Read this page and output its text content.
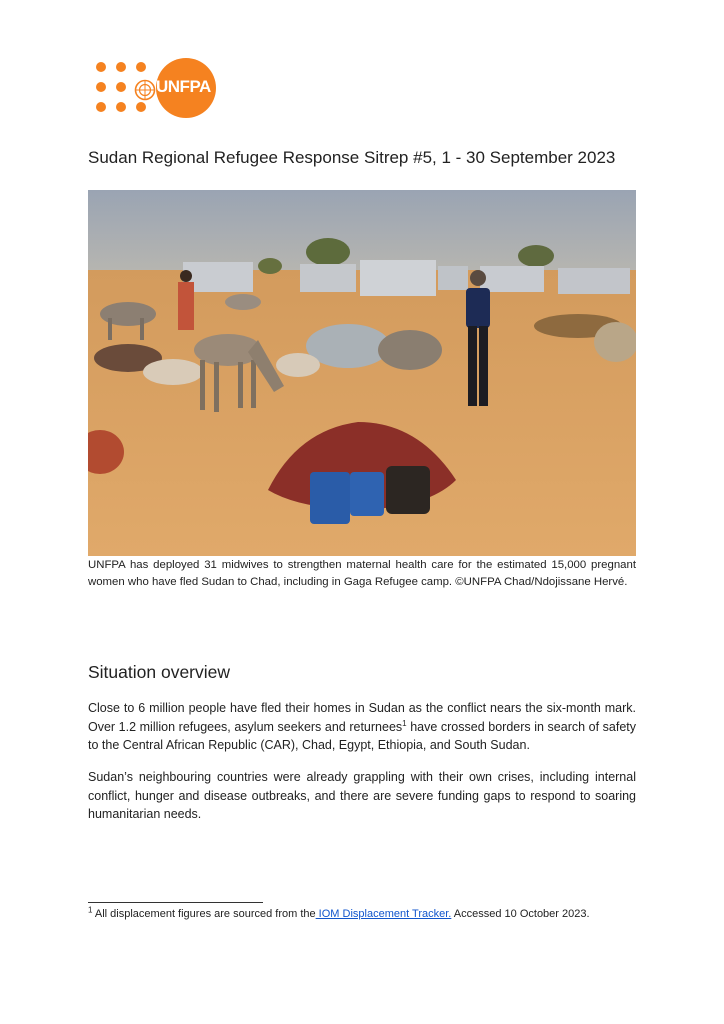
UNFPA
Sudan Regional Refugee Response Sitrep #5, 1 - 30 September 2023
UNFPA has deployed 31 midwives to strengthen maternal health care for the estimated 15,000 pregnant women who have fled Sudan to Chad, including in Gaga Refugee camp. ©UNFPA Chad/Ndojissane Hervé.
Situation overview
Close to 6 million people have fled their homes in Sudan as the conflict nears the six-month mark. Over 1.2 million refugees, asylum seekers and returnees$^1$ have crossed borders in search of safety to the Central African Republic (CAR), Chad, Egypt, Ethiopia, and South Sudan.
Sudan’s neighbouring countries were already grappling with their own crises, including internal conflict, hunger and disease outbreaks, and there are severe funding gaps to respond to soaring humanitarian needs.
$^1$ All displacement figures are sourced from the IOM Displacement Tracker. Accessed 10 October 2023.
